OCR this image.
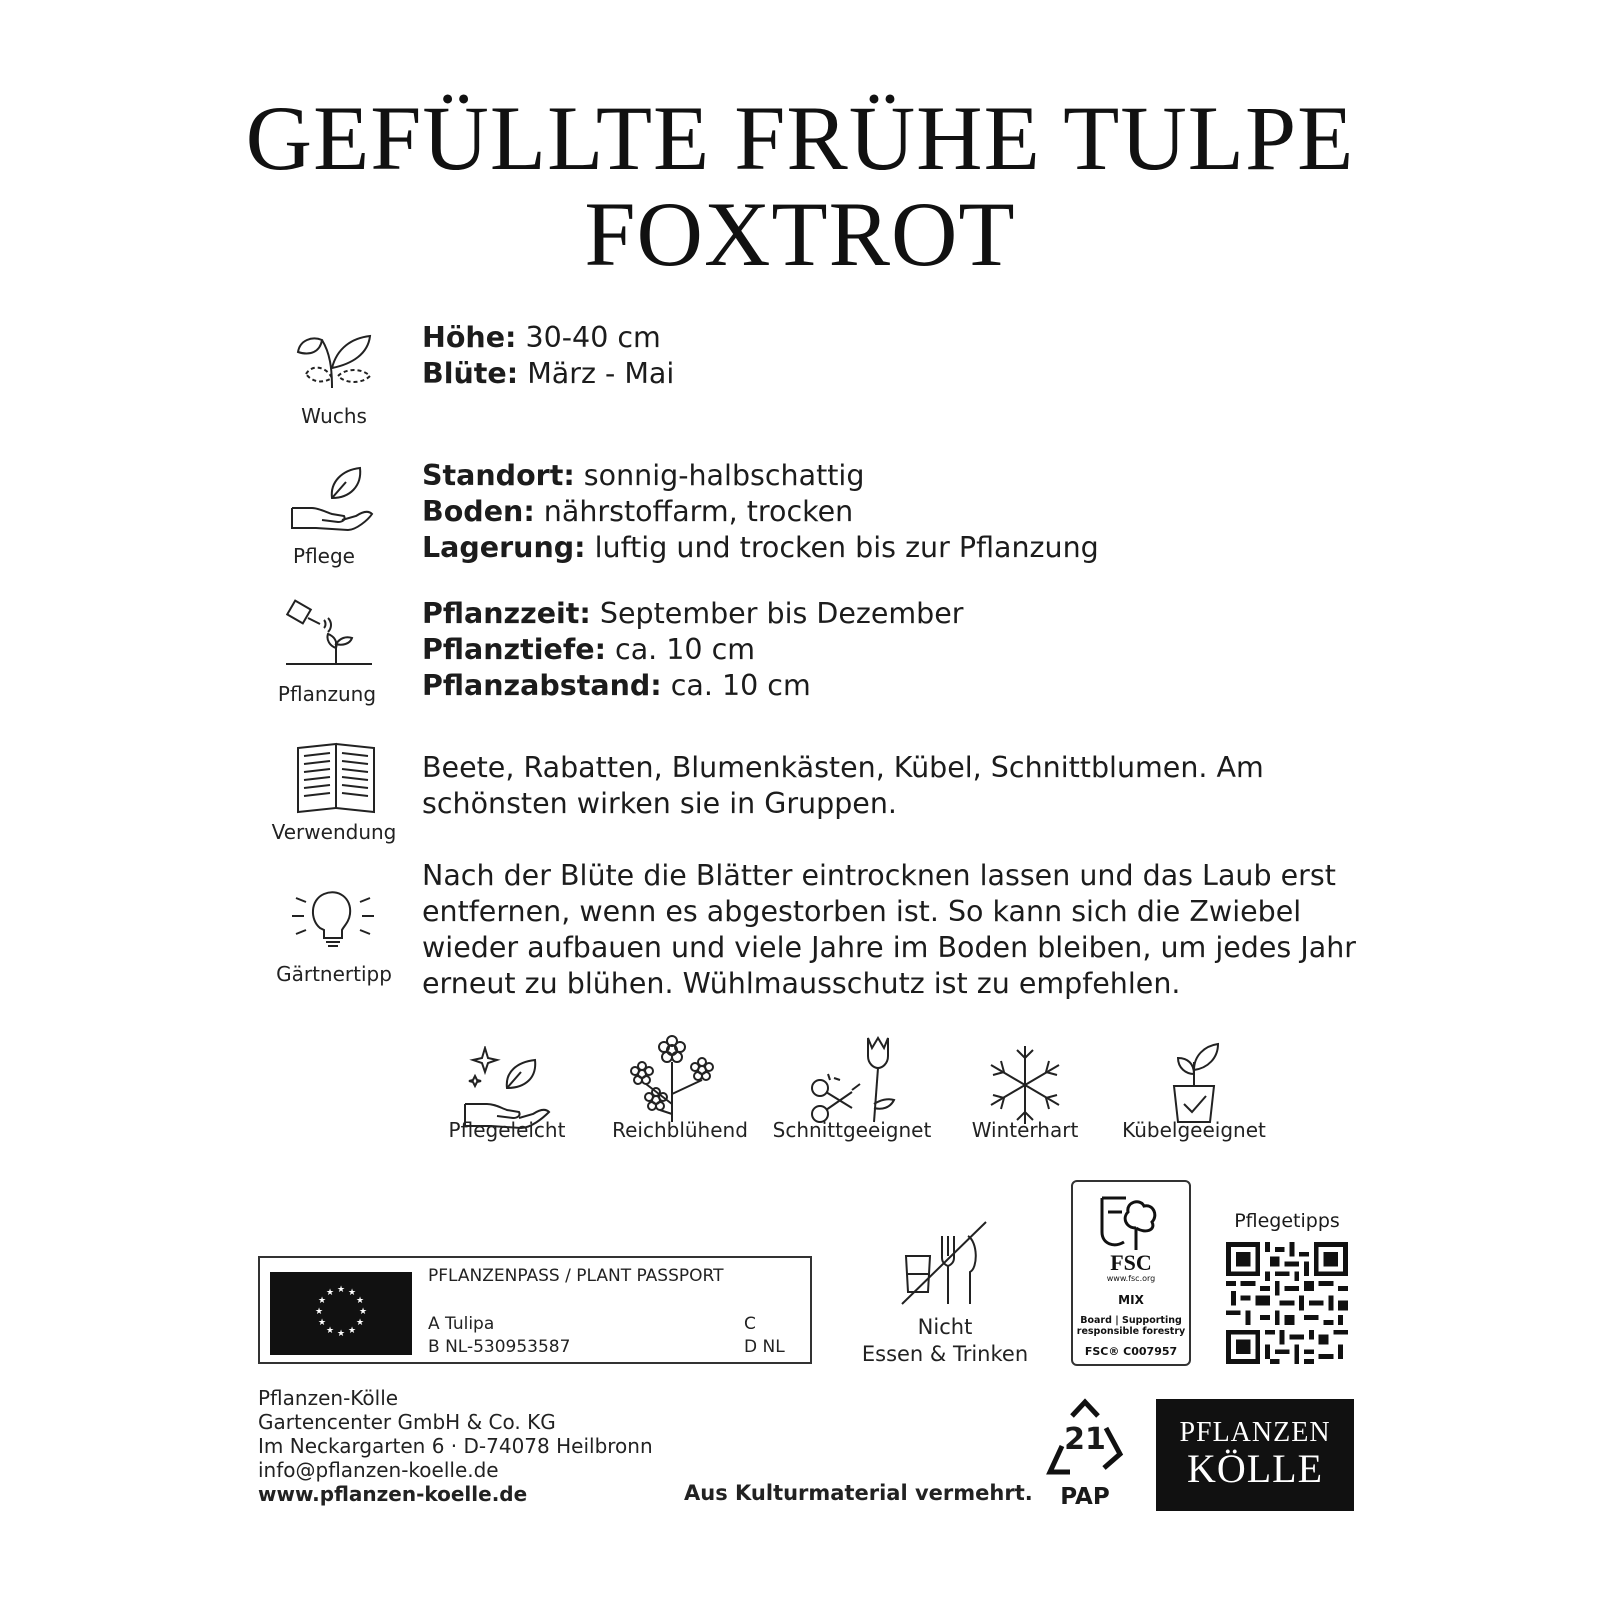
GEFÜLLTE FRÜHE TULPE
FOXTROT
Wuchs
Höhe: 30-40 cm
Blüte: März - Mai
Pflege
Standort: sonnig-halbschattig
Boden: nährstoffarm, trocken
Lagerung: luftig und trocken bis zur Pflanzung
Pflanzung
Pflanzzeit: September bis Dezember
Pflanztiefe: ca. 10 cm
Pflanzabstand: ca. 10 cm
Verwendung
Beete, Rabatten, Blumenkästen, Kübel, Schnittblumen. Am
schönsten wirken sie in Gruppen.
Gärtnertipp
Nach der Blüte die Blätter eintrocknen lassen und das Laub erst
entfernen, wenn es abgestorben ist. So kann sich die Zwiebel
wieder aufbauen und viele Jahre im Boden bleiben, um jedes Jahr
erneut zu blühen. Wühlmausschutz ist zu empfehlen.
Pflegeleicht	Reichblühend	Schnittgeeignet	Winterhart	Kübelgeeignet
★ ★
★
★
★
★
★
★
★
★
★
★
PFLANZENPASS / PLANT PASSPORT
A Tulipa
B NL-530953587
C
D NL
Nicht
Essen & Trinken
FSC
www.fsc.org
MIX
Board | Supporting
responsible forestry
FSC® C007957
Pflegetipps
Pflanzen-Kölle
Gartencenter GmbH & Co. KG
Im Neckargarten 6 · D-74078 Heilbronn
info@pflanzen-koelle.de
www.pflanzen-koelle.de	Aus Kulturmaterial vermehrt.
21
PAP
PFLANZEN
KÖLLE
